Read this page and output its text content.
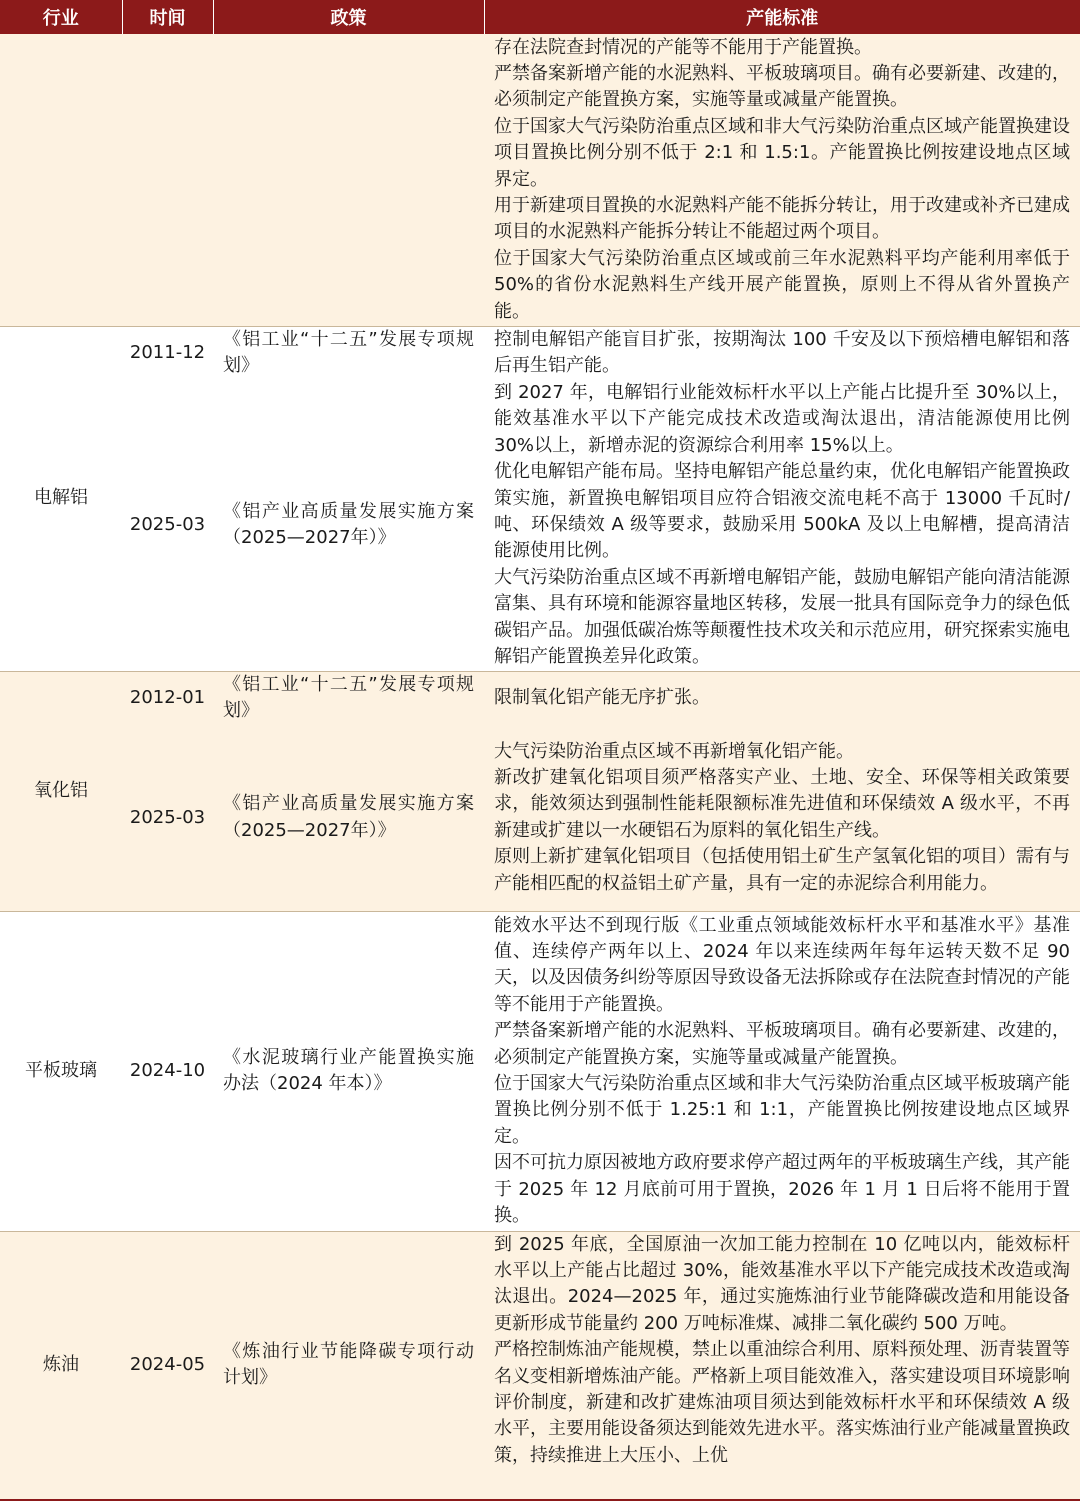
行业	时间	政策	产能标准

			存在法院查封情况的产能等不能用于产能置换。

严禁备案新增产能的水泥熟料、平板玻璃项目。确有必要新建、改建的，必须制定产能置换方案，实施等量或减量产能置换。

位于国家大气污染防治重点区域和非大气污染防治重点区域产能置换建设项目置换比例分别不低于 2:1 和 1.5:1。产能置换比例按建设地点区域界定。

用于新建项目置换的水泥熟料产能不能拆分转让，用于改建或补齐已建成项目的水泥熟料产能拆分转让不能超过两个项目。

位于国家大气污染防治重点区域或前三年水泥熟料平均产能利用率低于 50%的省份水泥熟料生产线开展产能置换，原则上不得从省外置换产能。

电解铝	2011-12	《铝工业“十二五”发展专项规划》	控制电解铝产能盲目扩张，按期淘汰 100 千安及以下预焙槽电解铝和落后再生铝产能。

	2025-03	《铝产业高质量发展实施方案（2025—2027年）》	到 2027 年，电解铝行业能效标杆水平以上产能占比提升至 30%以上，能效基准水平以下产能完成技术改造或淘汰退出，清洁能源使用比例 30%以上，新增赤泥的资源综合利用率 15%以上。

优化电解铝产能布局。坚持电解铝产能总量约束，优化电解铝产能置换政策实施，新置换电解铝项目应符合铝液交流电耗不高于 13000 千瓦时/吨、环保绩效 A 级等要求，鼓励采用 500kA 及以上电解槽，提高清洁能源使用比例。

大气污染防治重点区域不再新增电解铝产能，鼓励电解铝产能向清洁能源富集、具有环境和能源容量地区转移，发展一批具有国际竞争力的绿色低碳铝产品。加强低碳冶炼等颠覆性技术攻关和示范应用，研究探索实施电解铝产能置换差异化政策。

氧化铝	2012-01	《铝工业“十二五”发展专项规划》	限制氧化铝产能无序扩张。

	2025-03	《铝产业高质量发展实施方案（2025—2027年）》	大气污染防治重点区域不再新增氧化铝产能。

新改扩建氧化铝项目须严格落实产业、土地、安全、环保等相关政策要求，能效须达到强制性能耗限额标准先进值和环保绩效 A 级水平，不再新建或扩建以一水硬铝石为原料的氧化铝生产线。

原则上新扩建氧化铝项目（包括使用铝土矿生产氢氧化铝的项目）需有与产能相匹配的权益铝土矿产量，具有一定的赤泥综合利用能力。

平板玻璃	2024-10	《水泥玻璃行业产能置换实施办法（2024 年本）》	能效水平达不到现行版《工业重点领域能效标杆水平和基准水平》基准值、连续停产两年以上、2024 年以来连续两年每年运转天数不足 90 天，以及因债务纠纷等原因导致设备无法拆除或存在法院查封情况的产能等不能用于产能置换。

严禁备案新增产能的水泥熟料、平板玻璃项目。确有必要新建、改建的，必须制定产能置换方案，实施等量或减量产能置换。

位于国家大气污染防治重点区域和非大气污染防治重点区域平板玻璃产能置换比例分别不低于 1.25:1 和 1:1，产能置换比例按建设地点区域界定。

因不可抗力原因被地方政府要求停产超过两年的平板玻璃生产线，其产能于 2025 年 12 月底前可用于置换，2026 年 1 月 1 日后将不能用于置换。

炼油	2024-05	《炼油行业节能降碳专项行动计划》	到 2025 年底，全国原油一次加工能力控制在 10 亿吨以内，能效标杆水平以上产能占比超过 30%，能效基准水平以下产能完成技术改造或淘汰退出。2024—2025 年，通过实施炼油行业节能降碳改造和用能设备更新形成节能量约 200 万吨标准煤、减排二氧化碳约 500 万吨。

严格控制炼油产能规模，禁止以重油综合利用、原料预处理、沥青装置等名义变相新增炼油产能。严格新上项目能效准入，落实建设项目环境影响评价制度，新建和改扩建炼油项目须达到能效标杆水平和环保绩效 A 级水平，主要用能设备须达到能效先进水平。落实炼油行业产能减量置换政策，持续推进上大压小、上优
